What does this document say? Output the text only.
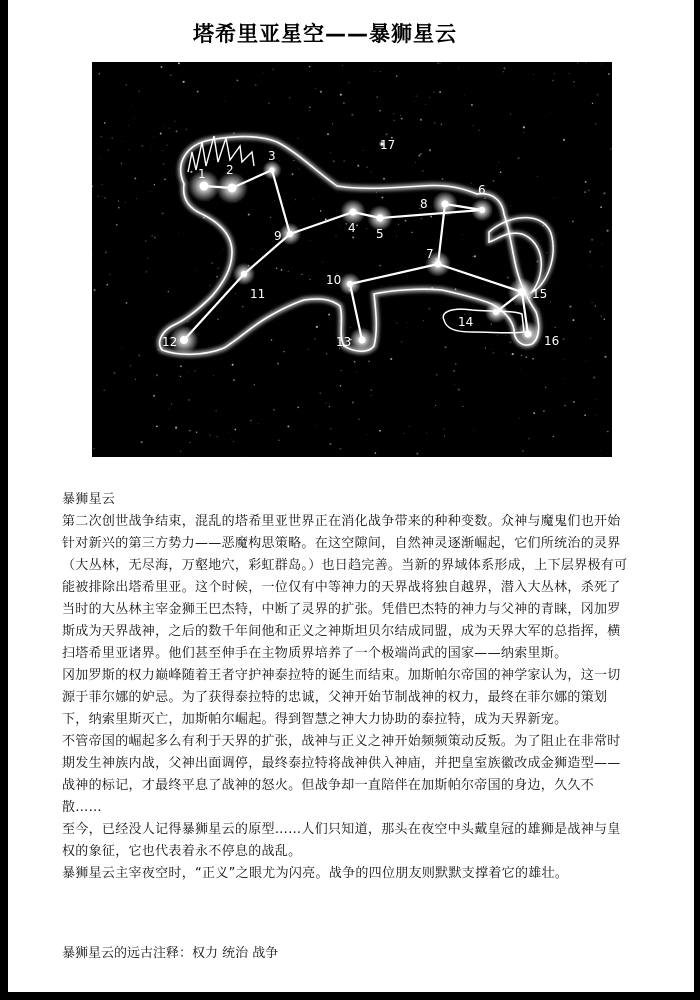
塔希里亚星空——暴狮星云
1 2
3
4 5
6
7
8
9
10
11
12	13
14
15
16
17

暴狮星云

第二次创世战争结束，混乱的塔希里亚世界正在消化战争带来的种种变数。众神与魔鬼们也开始针对新兴的第三方势力——恶魔构思策略。在这空隙间，自然神灵逐渐崛起，它们所统治的灵界（大丛林，无尽海，万壑地穴，彩虹群岛。）也日趋完善。当新的界域体系形成，上下层界极有可能被排除出塔希里亚。这个时候，一位仅有中等神力的天界战将独自越界，潜入大丛林，杀死了当时的大丛林主宰金狮王巴杰特，中断了灵界的扩张。凭借巴杰特的神力与父神的青睐，冈加罗斯成为天界战神，之后的数千年间他和正义之神斯坦贝尔结成同盟，成为天界大军的总指挥，横扫塔希里亚诸界。他们甚至伸手在主物质界培养了一个极端尚武的国家——纳索里斯。

冈加罗斯的权力巅峰随着王者守护神泰拉特的诞生而结束。加斯帕尔帝国的神学家认为，这一切源于菲尔娜的妒忌。为了获得泰拉特的忠诚，父神开始节制战神的权力，最终在菲尔娜的策划下，纳索里斯灭亡，加斯帕尔崛起。得到智慧之神大力协助的泰拉特，成为天界新宠。

不管帝国的崛起多么有利于天界的扩张，战神与正义之神开始频频策动反叛。为了阻止在非常时期发生神族内战，父神出面调停，最终泰拉特将战神供入神庙，并把皇室族徽改成金狮造型——战神的标记，才最终平息了战神的怒火。但战争却一直陪伴在加斯帕尔帝国的身边，久久不散……

至今，已经没人记得暴狮星云的原型……人们只知道，那头在夜空中头戴皇冠的雄狮是战神与皇权的象征，它也代表着永不停息的战乱。

暴狮星云主宰夜空时，“正义”之眼尤为闪亮。战争的四位朋友则默默支撑着它的雄壮。

暴狮星云的远古注释：权力 统治 战争
